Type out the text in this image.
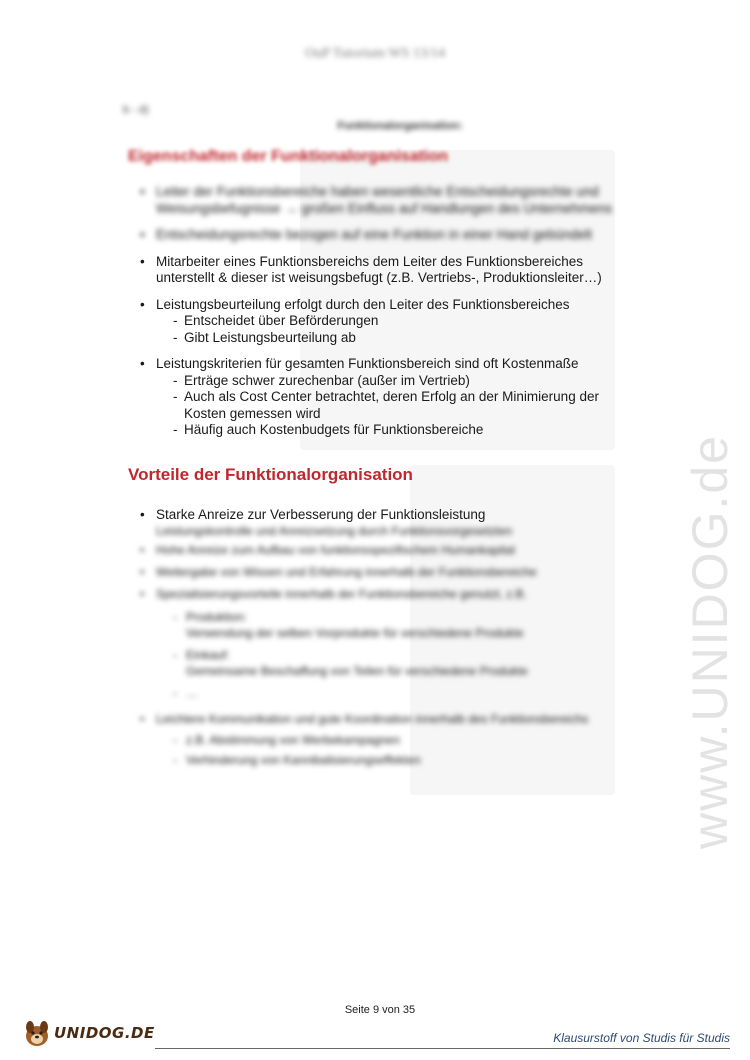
www.UNIDOG.de
OuP Tutorium WS 13/14
b - d)
Funktionalorganisation:
Eigenschaften der Funktionalorganisation
• Leiter der Funktionsbereiche haben wesentliche Entscheidungsrechte und Weisungsbefugnisse → großen Einfluss auf Handlungen des Unternehmens
• Entscheidungsrechte bezogen auf eine Funktion in einer Hand gebündelt
• Mitarbeiter eines Funktionsbereichs dem Leiter des Funktionsbereiches unterstellt & dieser ist weisungsbefugt (z.B. Vertriebs-, Produktionsleiter…)
• Leistungsbeurteilung erfolgt durch den Leiter des Funktionsbereiches
- Entscheidet über Beförderungen
- Gibt Leistungsbeurteilung ab
• Leistungskriterien für gesamten Funktionsbereich sind oft Kostenmaße
- Erträge schwer zurechenbar (außer im Vertrieb)
- Auch als Cost Center betrachtet, deren Erfolg an der Minimierung der Kosten gemessen wird
- Häufig auch Kostenbudgets für Funktionsbereiche
Vorteile der Funktionalorganisation
• Starke Anreize zur Verbesserung der Funktionsleistung
Leistungskontrolle und Anreizsetzung durch Funktionsvorgesetzten
• Hohe Anreize zum Aufbau von funktionsspezifischem Humankapital
• Weitergabe von Wissen und Erfahrung innerhalb der Funktionsbereiche
• Spezialisierungsvorteile innerhalb der Funktionsbereiche genutzt, z.B.
- Produktion:
Verwendung der selben Vorprodukte für verschiedene Produkte
- Einkauf:
Gemeinsame Beschaffung von Teilen für verschiedene Produkte
- …
• Leichtere Kommunikation und gute Koordination innerhalb des Funktionsbereichs
- z.B. Abstimmung von Werbekampagnen
- Verhinderung von Kannibalisierungseffekten
Seite 9 von 35
UNIDOG.DE	Klausurstoff von Studis für Studis
